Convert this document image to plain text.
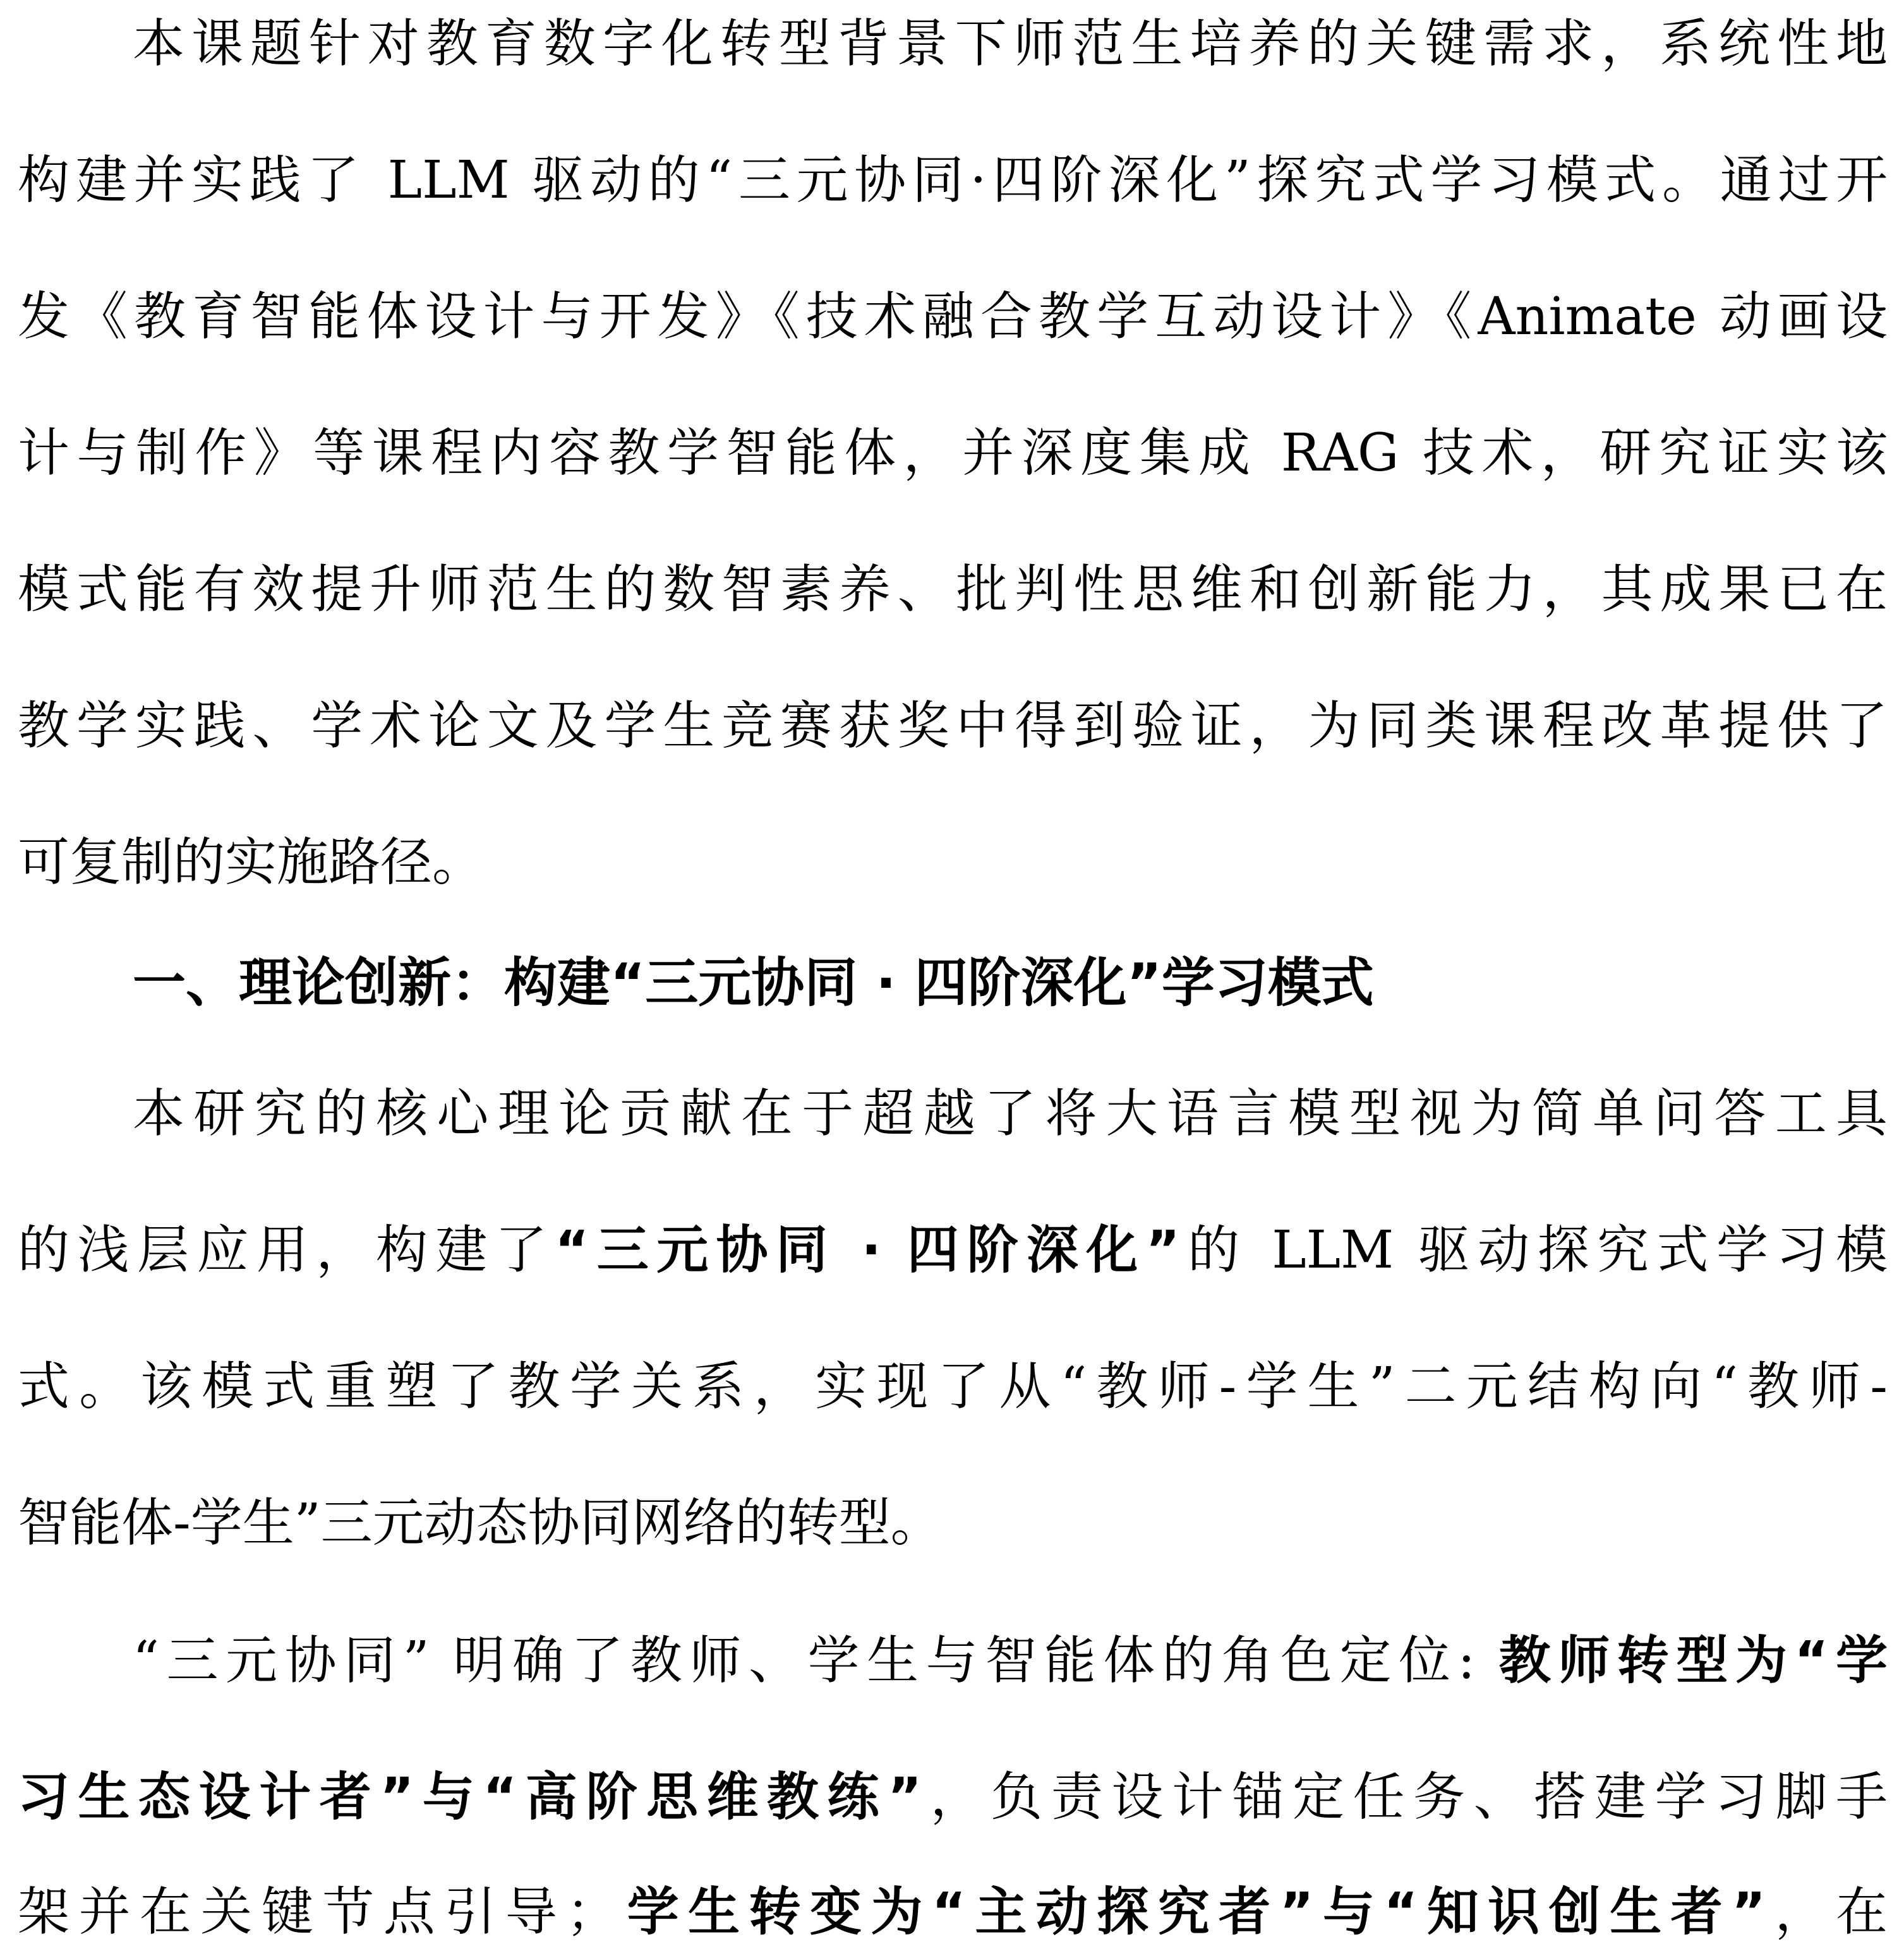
本课题针对教育数字化转型背景下师范生培养的关键需求，系统性地
构建并实践了 LLM 驱动的“三元协同·四阶深化”探究式学习模式。通过开
发《教育智能体设计与开发》《技术融合教学互动设计》《Animate 动画设
计与制作》等课程内容教学智能体，并深度集成 RAG 技术，研究证实该
模式能有效提升师范生的数智素养、批判性思维和创新能力，其成果已在
教学实践、学术论文及学生竞赛获奖中得到验证，为同类课程改革提供了
可复制的实施路径。
一、理论创新：构建“三元协同 · 四阶深化”学习模式
本研究的核心理论贡献在于超越了将大语言模型视为简单问答工具
的浅层应用，构建了“三元协同 · 四阶深化”的 LLM 驱动探究式学习模
式。该模式重塑了教学关系，实现了从“教师-学生”二元结构向“教师-
智能体-学生”三元动态协同网络的转型。
“三元协同” 明确了教师、学生与智能体的角色定位: 教师转型为“学
习生态设计者”与“高阶思维教练”，负责设计锚定任务、搭建学习脚手
架并在关键节点引导；学生转变为“主动探究者”与“知识创生者”，在
